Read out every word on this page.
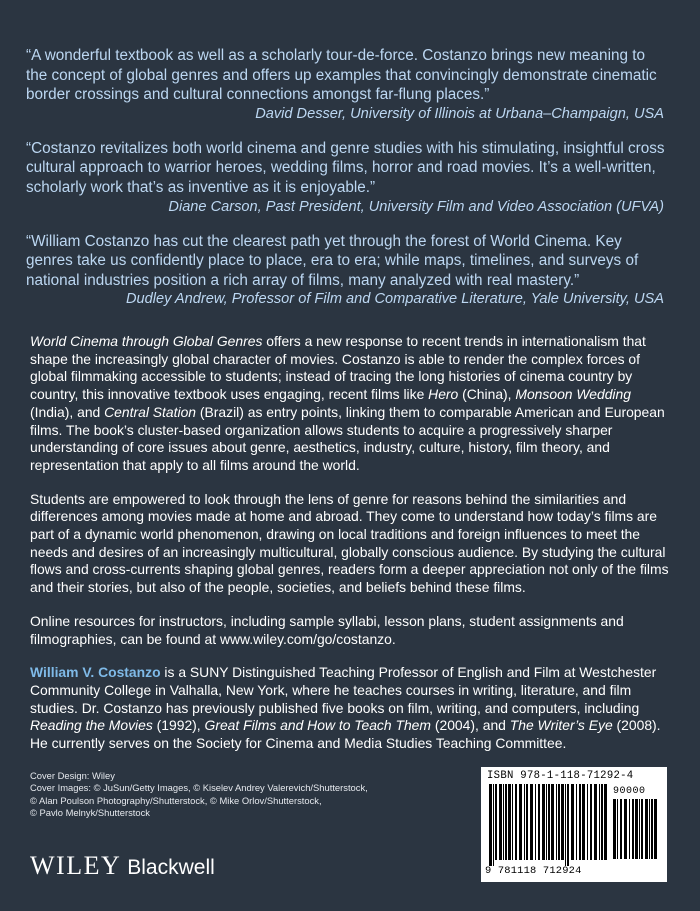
“A wonderful textbook as well as a scholarly tour-de-force. Costanzo brings new meaning to the concept of global genres and offers up examples that convincingly demonstrate cinematic border crossings and cultural connections amongst far-flung places.”

David Desser, University of Illinois at Urbana–Champaign, USA

“Costanzo revitalizes both world cinema and genre studies with his stimulating, insightful cross cultural approach to warrior heroes, wedding films, horror and road movies. It’s a well-written, scholarly work that’s as inventive as it is enjoyable.”

Diane Carson, Past President, University Film and Video Association (UFVA)

“William Costanzo has cut the clearest path yet through the forest of World Cinema. Key genres take us confidently place to place, era to era; while maps, timelines, and surveys of national industries position a rich array of films, many analyzed with real mastery.”

Dudley Andrew, Professor of Film and Comparative Literature, Yale University, USA

World Cinema through Global Genres offers a new response to recent trends in internationalism that shape the increasingly global character of movies. Costanzo is able to render the complex forces of global filmmaking accessible to students; instead of tracing the long histories of cinema country by country, this innovative textbook uses engaging, recent films like Hero (China), Monsoon Wedding (India), and Central Station (Brazil) as entry points, linking them to comparable American and European films. The book’s cluster-based organization allows students to acquire a progressively sharper understanding of core issues about genre, aesthetics, industry, culture, history, film theory, and representation that apply to all films around the world.

Students are empowered to look through the lens of genre for reasons behind the similarities and differences among movies made at home and abroad. They come to understand how today’s films are part of a dynamic world phenomenon, drawing on local traditions and foreign influences to meet the needs and desires of an increasingly multicultural, globally conscious audience. By studying the cultural flows and cross-currents shaping global genres, readers form a deeper appreciation not only of the films and their stories, but also of the people, societies, and beliefs behind these films.

Online resources for instructors, including sample syllabi, lesson plans, student assignments and filmographies, can be found at www.wiley.com/go/costanzo.

William V. Costanzo is a SUNY Distinguished Teaching Professor of English and Film at Westchester Community College in Valhalla, New York, where he teaches courses in writing, literature, and film studies. Dr. Costanzo has previously published five books on film, writing, and computers, including Reading the Movies (1992), Great Films and How to Teach Them (2004), and The Writer’s Eye (2008). He currently serves on the Society for Cinema and Media Studies Teaching Committee.

Cover Design: Wiley
Cover Images: © JuSun/Getty Images, © Kiselev Andrey Valerevich/Shutterstock,
© Alan Poulson Photography/Shutterstock, © Mike Orlov/Shutterstock,
© Pavlo Melnyk/Shutterstock
WILEY Blackwell
ISBN 978-1-118-71292-4
90000
9 781118 712924
